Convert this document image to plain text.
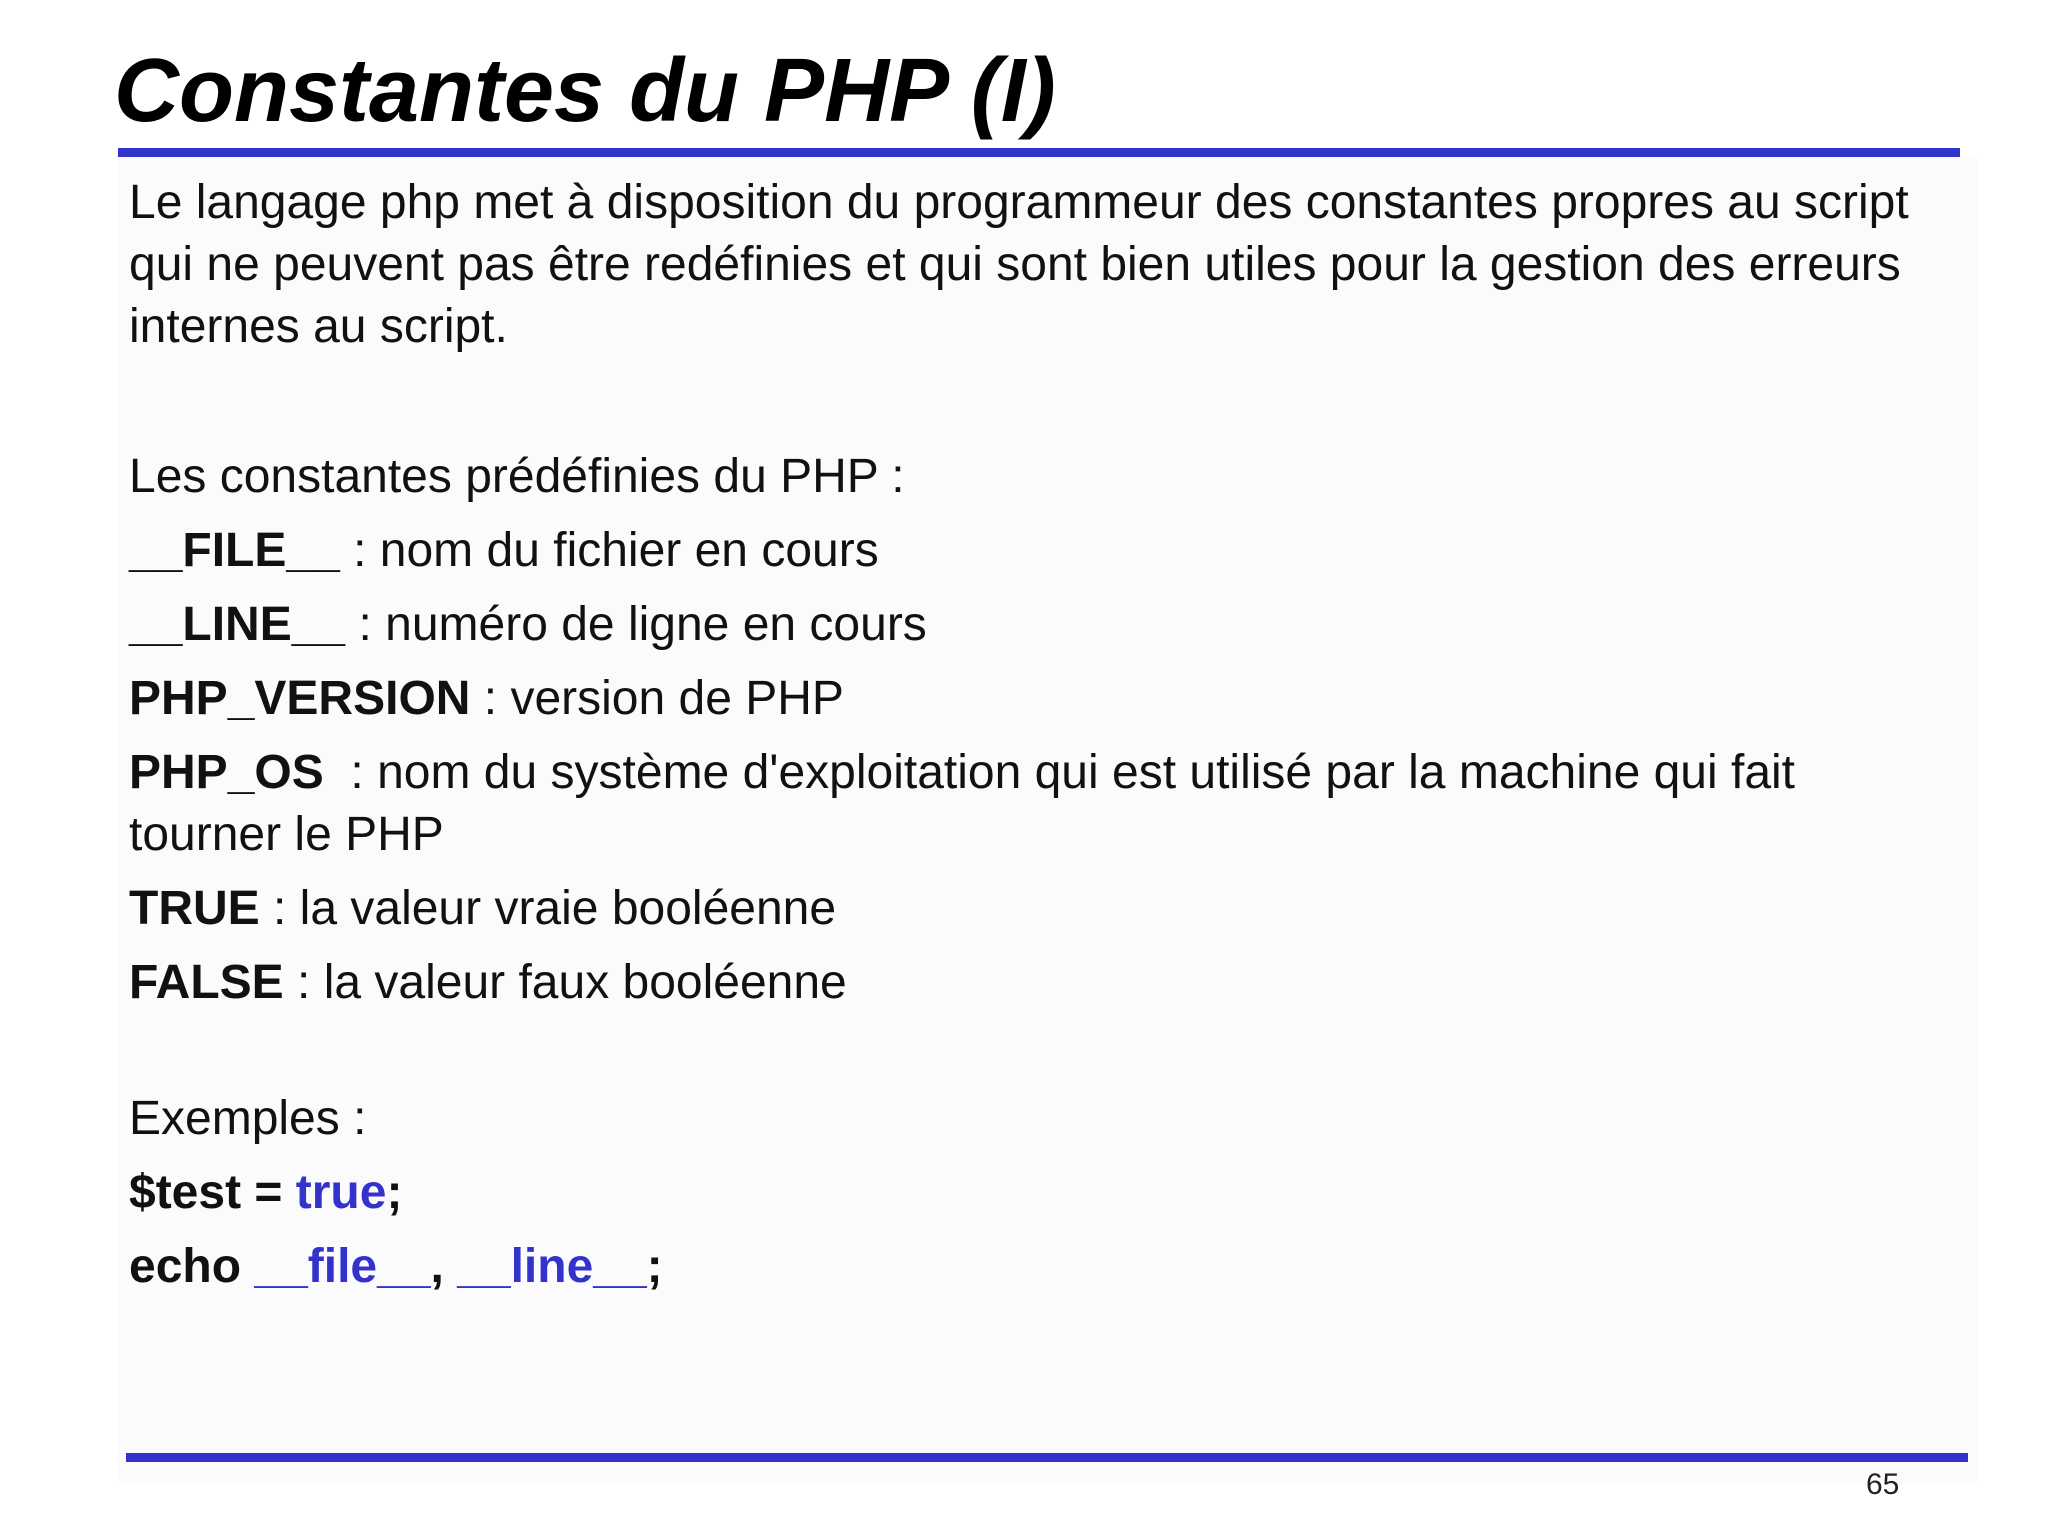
Constantes du PHP (I)

Le langage php met à disposition du programmeur des constantes propres au script qui ne peuvent pas être redéfinies et qui sont bien utiles pour la gestion des erreurs internes au script.

Les constantes prédéfinies du PHP :

__FILE__ : nom du fichier en cours

__LINE__ : numéro de ligne en cours

PHP_VERSION : version de PHP

PHP_OS  : nom du système d'exploitation qui est utilisé par la machine qui fait tourner le PHP

TRUE : la valeur vraie booléenne

FALSE : la valeur faux booléenne

Exemples :

$test = true;

echo __file__, __line__;

65
